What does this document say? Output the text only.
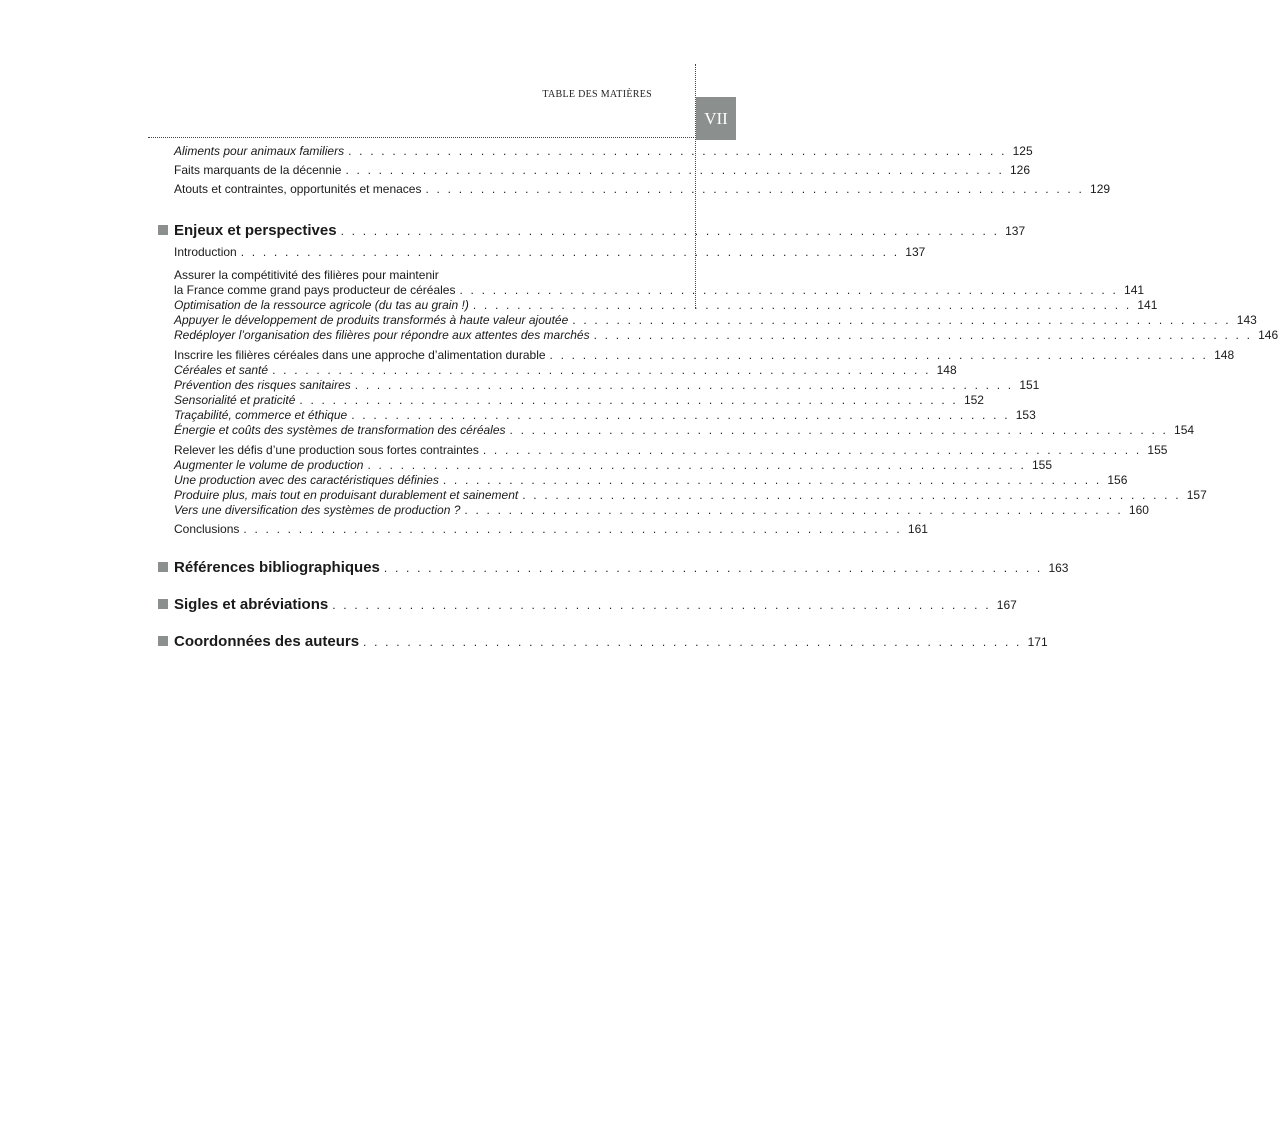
TABLE DES MATIÈRES
VII
Aliments pour animaux familiers . . . . . . . . . . . . . . . . . . . . . . . . . . . . . . . . . . . . . . . . . . . . . . . . . . . . . . . . . . . . 125
Faits marquants de la décennie . . . . . . . . . . . . . . . . . . . . . . . . . . . . . . . . . . . . . . . . . . . . . . . . . . . . . . . . . . . . 126
Atouts et contraintes, opportunités et menaces . . . . . . . . . . . . . . . . . . . . . . . . . . . . . . . . . . . . . . . . . . . . . . . . . . . . . . . . . . . . 129
Enjeux et perspectives . . . . . . . . . . . . . . . . . . . . . . . . . . . . . . . . . . . . . . . . . . . . . . . . . . . . . . . . . . . . 137
Introduction . . . . . . . . . . . . . . . . . . . . . . . . . . . . . . . . . . . . . . . . . . . . . . . . . . . . . . . . . . . . 137
Assurer la compétitivité des filières pour maintenir
la France comme grand pays producteur de céréales . . . . . . . . . . . . . . . . . . . . . . . . . . . . . . . . . . . . . . . . . . . . . . . . . . . . . . . . . . . . 141
Optimisation de la ressource agricole (du tas au grain !) . . . . . . . . . . . . . . . . . . . . . . . . . . . . . . . . . . . . . . . . . . . . . . . . . . . . . . . . . . . . 141
Appuyer le développement de produits transformés à haute valeur ajoutée . . . . . . . . . . . . . . . . . . . . . . . . . . . . . . . . . . . . . . . . . . . . . . . . . . . . . . . . . . . . 143
Redéployer l’organisation des filières pour répondre aux attentes des marchés . . . . . . . . . . . . . . . . . . . . . . . . . . . . . . . . . . . . . . . . . . . . . . . . . . . . . . . . . . . . 146
Inscrire les filières céréales dans une approche d’alimentation durable . . . . . . . . . . . . . . . . . . . . . . . . . . . . . . . . . . . . . . . . . . . . . . . . . . . . . . . . . . . . 148
Céréales et santé . . . . . . . . . . . . . . . . . . . . . . . . . . . . . . . . . . . . . . . . . . . . . . . . . . . . . . . . . . . . 148
Prévention des risques sanitaires . . . . . . . . . . . . . . . . . . . . . . . . . . . . . . . . . . . . . . . . . . . . . . . . . . . . . . . . . . . . 151
Sensorialité et praticité . . . . . . . . . . . . . . . . . . . . . . . . . . . . . . . . . . . . . . . . . . . . . . . . . . . . . . . . . . . . 152
Traçabilité, commerce et éthique . . . . . . . . . . . . . . . . . . . . . . . . . . . . . . . . . . . . . . . . . . . . . . . . . . . . . . . . . . . . 153
Énergie et coûts des systèmes de transformation des céréales . . . . . . . . . . . . . . . . . . . . . . . . . . . . . . . . . . . . . . . . . . . . . . . . . . . . . . . . . . . . 154
Relever les défis d’une production sous fortes contraintes . . . . . . . . . . . . . . . . . . . . . . . . . . . . . . . . . . . . . . . . . . . . . . . . . . . . . . . . . . . . 155
Augmenter le volume de production . . . . . . . . . . . . . . . . . . . . . . . . . . . . . . . . . . . . . . . . . . . . . . . . . . . . . . . . . . . . 155
Une production avec des caractéristiques définies . . . . . . . . . . . . . . . . . . . . . . . . . . . . . . . . . . . . . . . . . . . . . . . . . . . . . . . . . . . . 156
Produire plus, mais tout en produisant durablement et sainement . . . . . . . . . . . . . . . . . . . . . . . . . . . . . . . . . . . . . . . . . . . . . . . . . . . . . . . . . . . . 157
Vers une diversification des systèmes de production ? . . . . . . . . . . . . . . . . . . . . . . . . . . . . . . . . . . . . . . . . . . . . . . . . . . . . . . . . . . . . 160
Conclusions . . . . . . . . . . . . . . . . . . . . . . . . . . . . . . . . . . . . . . . . . . . . . . . . . . . . . . . . . . . . 161
Références bibliographiques . . . . . . . . . . . . . . . . . . . . . . . . . . . . . . . . . . . . . . . . . . . . . . . . . . . . . . . . . . . . 163
Sigles et abréviations . . . . . . . . . . . . . . . . . . . . . . . . . . . . . . . . . . . . . . . . . . . . . . . . . . . . . . . . . . . . 167
Coordonnées des auteurs . . . . . . . . . . . . . . . . . . . . . . . . . . . . . . . . . . . . . . . . . . . . . . . . . . . . . . . . . . . . 171
